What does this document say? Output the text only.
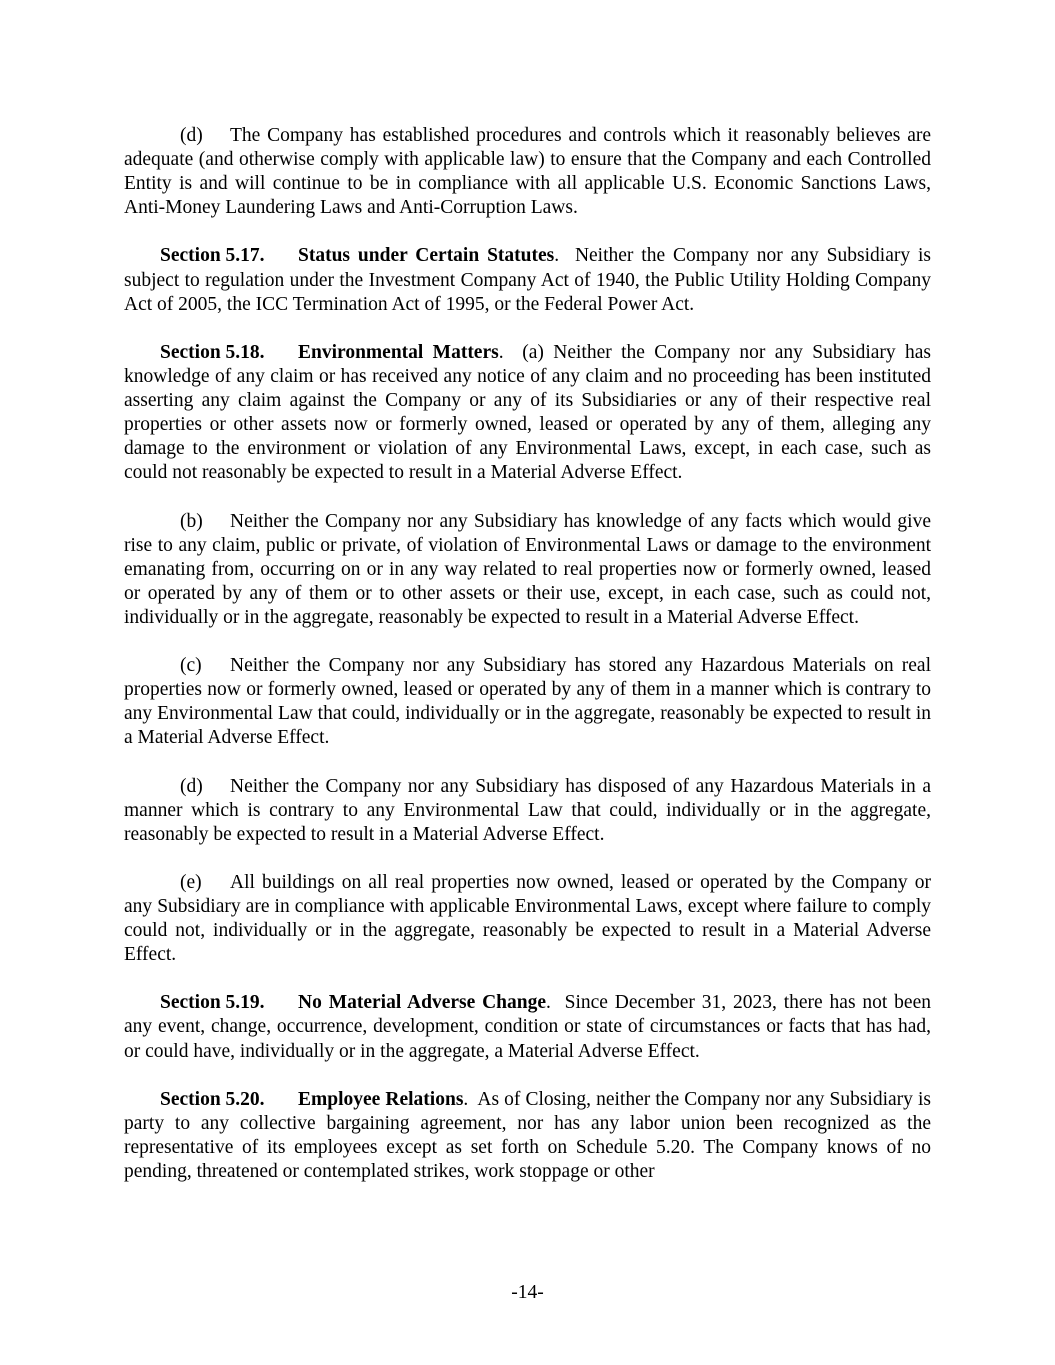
(d) The Company has established procedures and controls which it reasonably believes are adequate (and otherwise comply with applicable law) to ensure that the Company and each Controlled Entity is and will continue to be in compliance with all applicable U.S. Economic Sanctions Laws, Anti-Money Laundering Laws and Anti-Corruption Laws.

Section 5.17. Status under Certain Statutes.  Neither the Company nor any Subsidiary is subject to regulation under the Investment Company Act of 1940, the Public Utility Holding Company Act of 2005, the ICC Termination Act of 1995, or the Federal Power Act.

Section 5.18. Environmental Matters.  (a) Neither the Company nor any Subsidiary has knowledge of any claim or has received any notice of any claim and no proceeding has been instituted asserting any claim against the Company or any of its Subsidiaries or any of their respective real properties or other assets now or formerly owned, leased or operated by any of them, alleging any damage to the environment or violation of any Environmental Laws, except, in each case, such as could not reasonably be expected to result in a Material Adverse Effect.

(b) Neither the Company nor any Subsidiary has knowledge of any facts which would give rise to any claim, public or private, of violation of Environmental Laws or damage to the environment emanating from, occurring on or in any way related to real properties now or formerly owned, leased or operated by any of them or to other assets or their use, except, in each case, such as could not, individually or in the aggregate, reasonably be expected to result in a Material Adverse Effect.

(c) Neither the Company nor any Subsidiary has stored any Hazardous Materials on real properties now or formerly owned, leased or operated by any of them in a manner which is contrary to any Environmental Law that could, individually or in the aggregate, reasonably be expected to result in a Material Adverse Effect.

(d) Neither the Company nor any Subsidiary has disposed of any Hazardous Materials in a manner which is contrary to any Environmental Law that could, individually or in the aggregate, reasonably be expected to result in a Material Adverse Effect.

(e) All buildings on all real properties now owned, leased or operated by the Company or any Subsidiary are in compliance with applicable Environmental Laws, except where failure to comply could not, individually or in the aggregate, reasonably be expected to result in a Material Adverse Effect.

Section 5.19. No Material Adverse Change.  Since December 31, 2023, there has not been any event, change, occurrence, development, condition or state of circumstances or facts that has had, or could have, individually or in the aggregate, a Material Adverse Effect.

Section 5.20. Employee Relations.  As of Closing, neither the Company nor any Subsidiary is party to any collective bargaining agreement, nor has any labor union been recognized as the representative of its employees except as set forth on Schedule 5.20. The Company knows of no pending, threatened or contemplated strikes, work stoppage or other

-14-
